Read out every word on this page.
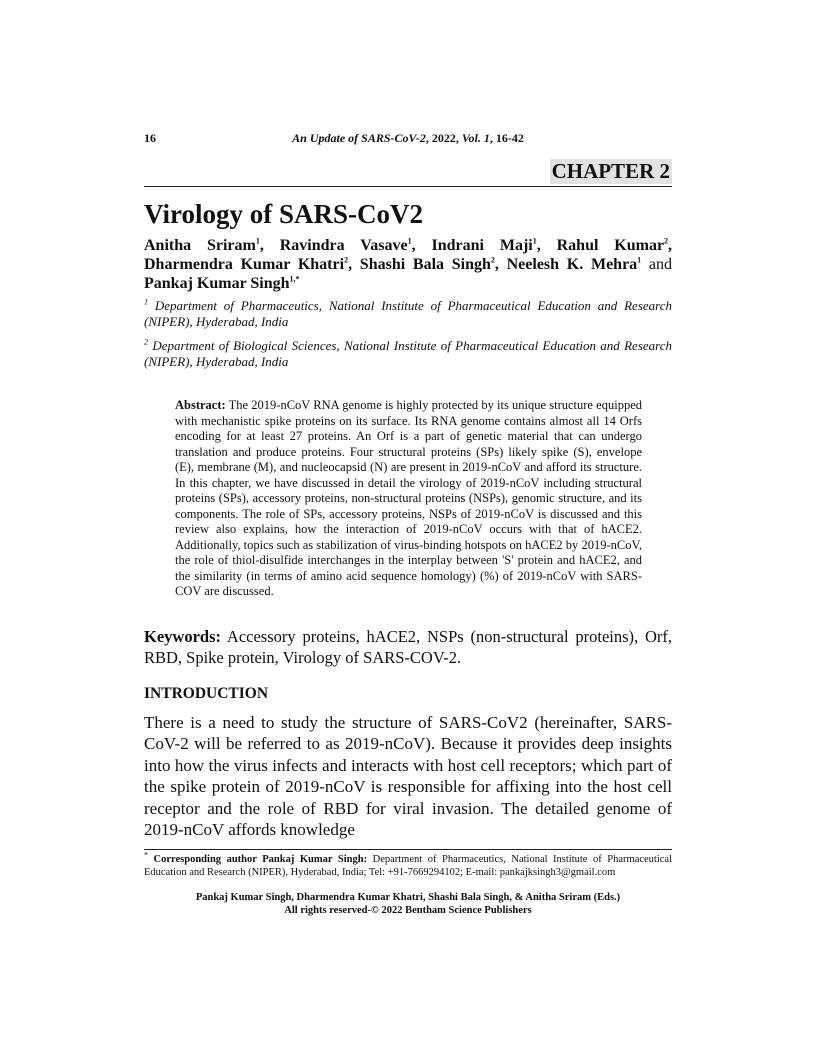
16	An Update of SARS-CoV-2, 2022, Vol. 1, 16-42
CHAPTER 2
Virology of SARS-CoV2
Anitha Sriram$^1$, Ravindra Vasave$^1$, Indrani Maji$^1$, Rahul Kumar$^2$, Dharmendra Kumar Khatri$^2$, Shashi Bala Singh$^2$, Neelesh K. Mehra$^1$ and Pankaj Kumar Singh$^{1,*}$
$^1$ Department of Pharmaceutics, National Institute of Pharmaceutical Education and Research (NIPER), Hyderabad, India
$^2$ Department of Biological Sciences, National Institute of Pharmaceutical Education and Research (NIPER), Hyderabad, India
Abstract: The 2019-nCoV RNA genome is highly protected by its unique structure equipped with mechanistic spike proteins on its surface. Its RNA genome contains almost all 14 Orfs encoding for at least 27 proteins. An Orf is a part of genetic material that can undergo translation and produce proteins. Four structural proteins (SPs) likely spike (S), envelope (E), membrane (M), and nucleocapsid (N) are present in 2019-nCoV and afford its structure. In this chapter, we have discussed in detail the virology of 2019-nCoV including structural proteins (SPs), accessory proteins, non-structural proteins (NSPs), genomic structure, and its components. The role of SPs, accessory proteins, NSPs of 2019-nCoV is discussed and this review also explains, how the interaction of 2019-nCoV occurs with that of hACE2. Additionally, topics such as stabilization of virus-binding hotspots on hACE2 by 2019-nCoV, the role of thiol-disulfide interchanges in the interplay between 'S' protein and hACE2, and the similarity (in terms of amino acid sequence homology) (%) of 2019-nCoV with SARS-COV are discussed.
Keywords: Accessory proteins, hACE2, NSPs (non-structural proteins), Orf, RBD, Spike protein, Virology of SARS-COV-2.
INTRODUCTION
There is a need to study the structure of SARS-CoV2 (hereinafter, SARS-CoV-2 will be referred to as 2019-nCoV). Because it provides deep insights into how the virus infects and interacts with host cell receptors; which part of the spike protein of 2019-nCoV is responsible for affixing into the host cell receptor and the role of RBD for viral invasion. The detailed genome of 2019-nCoV affords knowledge
* Corresponding author Pankaj Kumar Singh: Department of Pharmaceutics, National Institute of Pharmaceutical Education and Research (NIPER), Hyderabad, India; Tel: +91-7669294102; E-mail: pankajksingh3@gmail.com
Pankaj Kumar Singh, Dharmendra Kumar Khatri, Shashi Bala Singh, & Anitha Sriram (Eds.)
All rights reserved-© 2022 Bentham Science Publishers
